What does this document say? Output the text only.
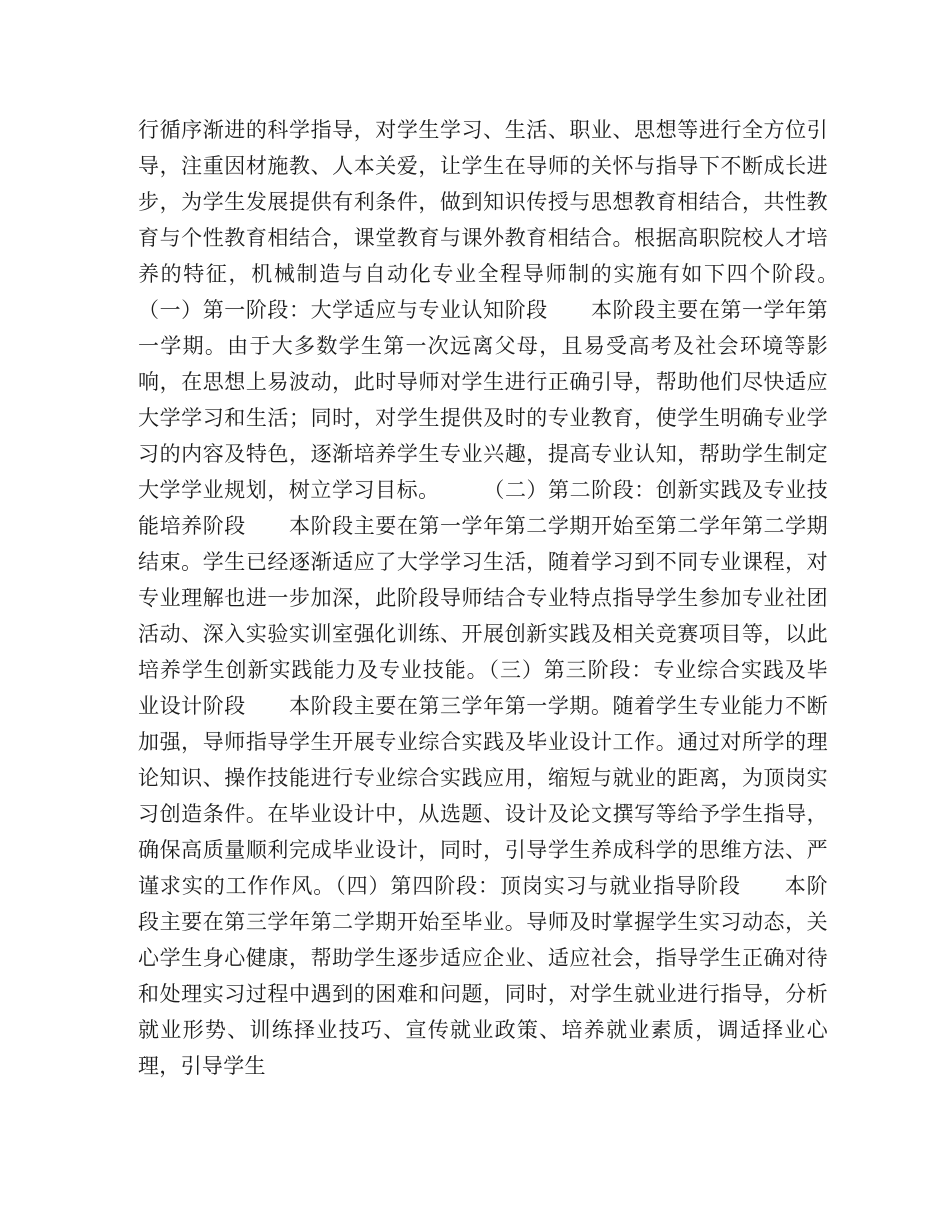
行循序渐进的科学指导，对学生学习、生活、职业、思想等进行全方位引导，注重因材施教、人本关爱，让学生在导师的关怀与指导下不断成长进步，为学生发展提供有利条件，做到知识传授与思想教育相结合，共性教育与个性教育相结合，课堂教育与课外教育相结合。根据高职院校人才培养的特征，机械制造与自动化专业全程导师制的实施有如下四个阶段。　　　（一）第一阶段：大学适应与专业认知阶段　　本阶段主要在第一学年第一学期。由于大多数学生第一次远离父母，且易受高考及社会环境等影响，在思想上易波动，此时导师对学生进行正确引导，帮助他们尽快适应大学学习和生活；同时，对学生提供及时的专业教育，使学生明确专业学习的内容及特色，逐渐培养学生专业兴趣，提高专业认知，帮助学生制定大学学业规划，树立学习目标。　　　（二）第二阶段：创新实践及专业技能培养阶段　　本阶段主要在第一学年第二学期开始至第二学年第二学期结束。学生已经逐渐适应了大学学习生活，随着学习到不同专业课程，对专业理解也进一步加深，此阶段导师结合专业特点指导学生参加专业社团活动、深入实验实训室强化训练、开展创新实践及相关竞赛项目等，以此培养学生创新实践能力及专业技能。（三）第三阶段：专业综合实践及毕业设计阶段　　本阶段主要在第三学年第一学期。随着学生专业能力不断加强，导师指导学生开展专业综合实践及毕业设计工作。通过对所学的理论知识、操作技能进行专业综合实践应用，缩短与就业的距离，为顶岗实习创造条件。在毕业设计中，从选题、设计及论文撰写等给予学生指导，确保高质量顺利完成毕业设计，同时，引导学生养成科学的思维方法、严谨求实的工作作风。（四）第四阶段：顶岗实习与就业指导阶段　　本阶段主要在第三学年第二学期开始至毕业。导师及时掌握学生实习动态，关心学生身心健康，帮助学生逐步适应企业、适应社会，指导学生正确对待和处理实习过程中遇到的困难和问题，同时，对学生就业进行指导，分析就业形势、训练择业技巧、宣传就业政策、培养就业素质，调适择业心理，引导学生
